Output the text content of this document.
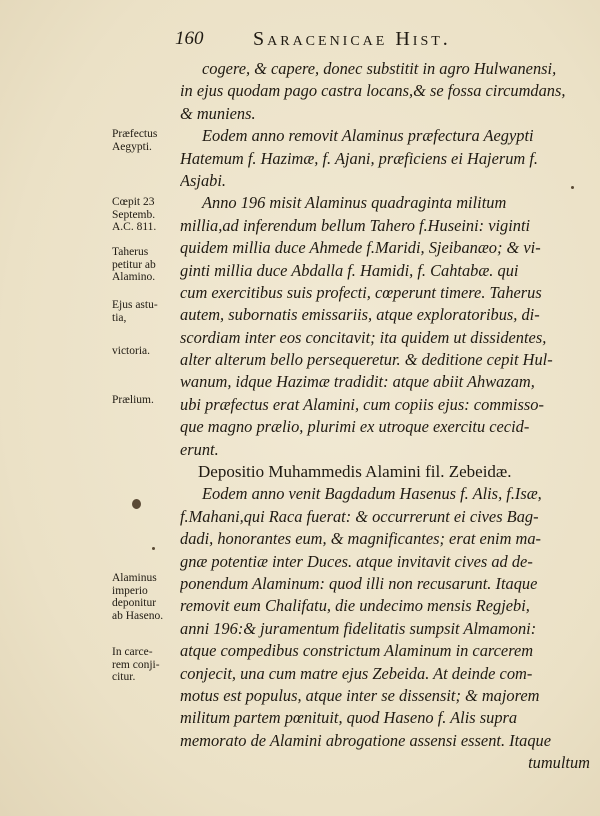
160 Saracenicae Hist.
cogere, & capere, donec substitit in agro Hulwanensi,
in ejus quodam pago castra locans,& se fossa circumdans,
& muniens.
Eodem anno removit Alaminus præfectura Aegypti
Hatemum f. Hazimæ, f. Ajani, præficiens ei Hajerum f.
Asjabi.
Anno 196 misit Alaminus quadraginta militum
millia,ad inferendum bellum Tahero f.Huseini: viginti
quidem millia duce Ahmede f.Maridi, Sjeibanæo; & vi-
ginti millia duce Abdalla f. Hamidi, f. Cahtabæ. qui
cum exercitibus suis profecti, cœperunt timere. Taherus
autem, subornatis emissariis, atque exploratoribus, di-
scordiam inter eos concitavit; ita quidem ut dissidentes,
alter alterum bello persequeretur. & deditione cepit Hul-
wanum, idque Hazimæ tradidit: atque abiit Ahwazam,
ubi præfectus erat Alamini, cum copiis ejus: commisso-
que magno prælio, plurimi ex utroque exercitu cecid-
erunt.
Depositio Muhammedis Alamini fil. Zebeidæ.
Eodem anno venit Bagdadum Hasenus f. Alis, f.Isæ,
f.Mahani,qui Raca fuerat: & occurrerunt ei cives Bag-
dadi, honorantes eum, & magnificantes; erat enim ma-
gnæ potentiæ inter Duces. atque invitavit cives ad de-
ponendum Alaminum: quod illi non recusarunt. Itaque
removit eum Chalifatu, die undecimo mensis Regjebi,
anni 196:& juramentum fidelitatis sumpsit Almamoni:
atque compedibus constrictum Alaminum in carcerem
conjecit, una cum matre ejus Zebeida. At deinde com-
motus est populus, atque inter se dissensit; & majorem
militum partem pœnituit, quod Haseno f. Alis supra
memorato de Alamini abrogatione assensi essent. Itaque
tumultum
Præfectus
Aegypti.
Cœpit 23
Septemb.
A.C. 811.
Taherus
petitur ab
Alamino.
Ejus astu-
tia,
victoria.
Prælium.
Alaminus
imperio
deponitur
ab Haseno.
In carce-
rem conji-
citur.
